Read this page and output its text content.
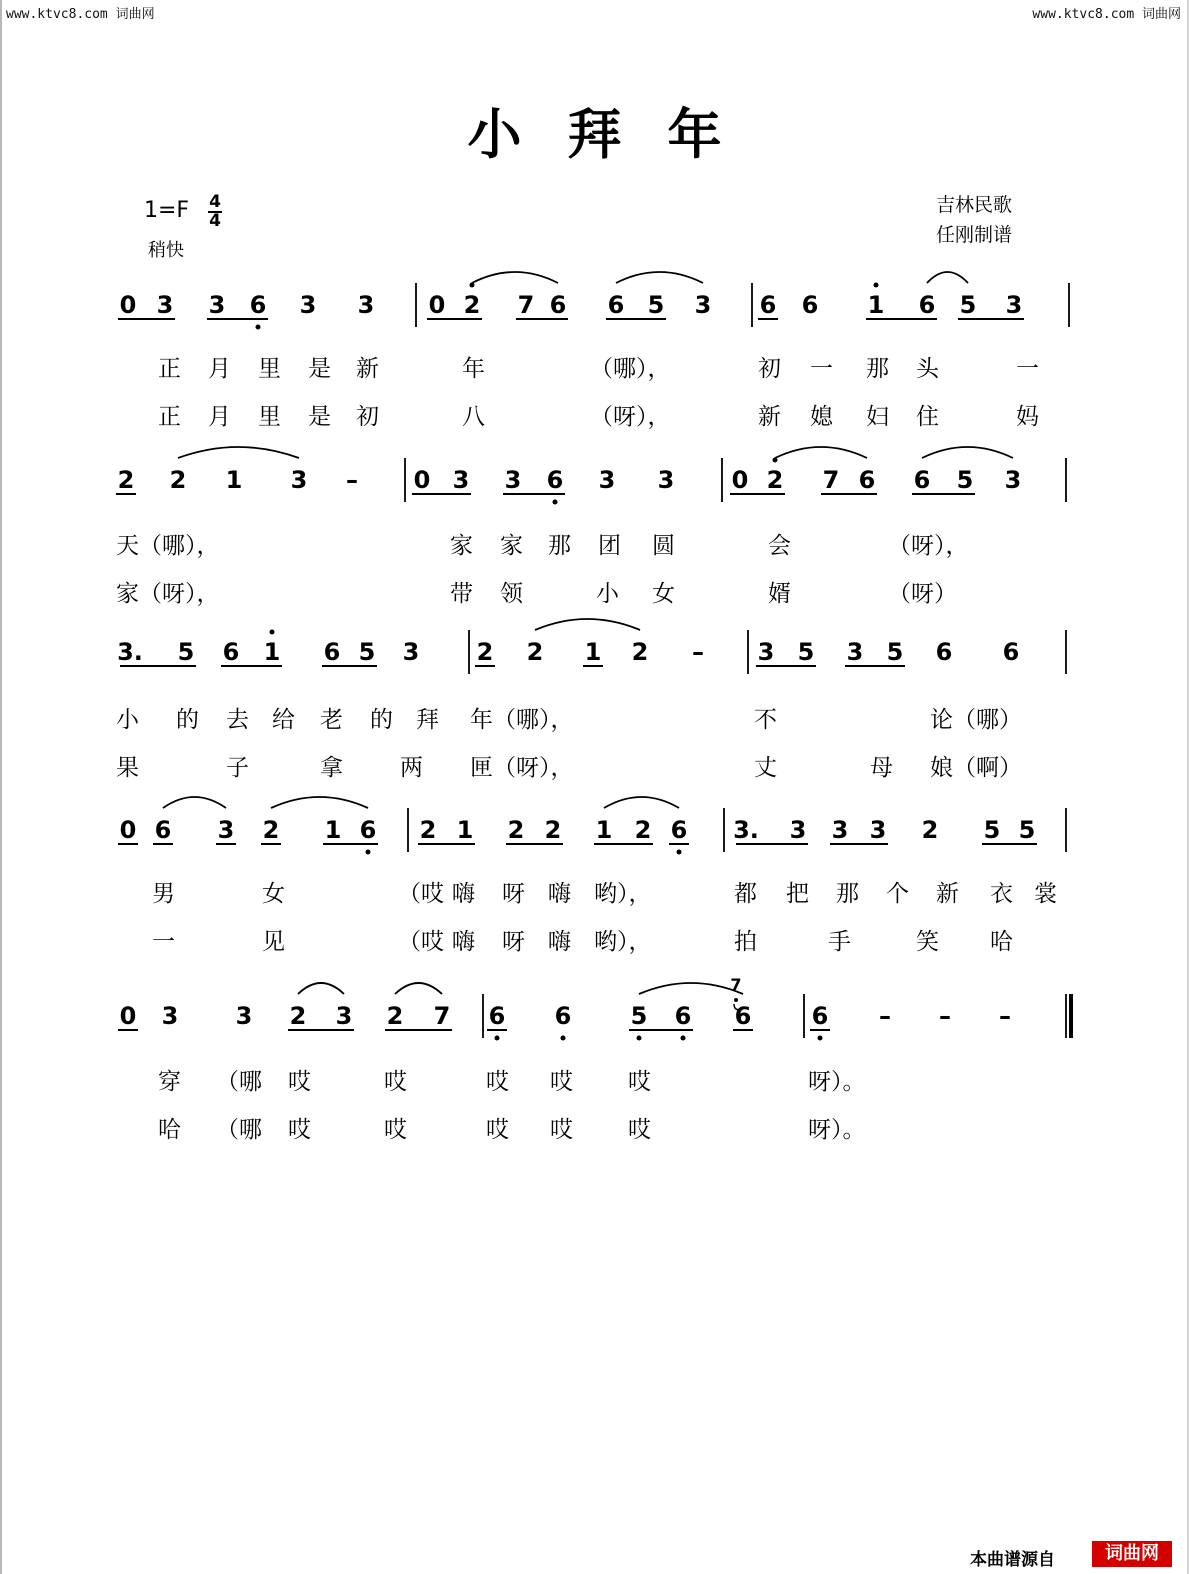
www.ktvc8.com 词曲网	www.ktvc8.com 词曲网
小拜年
1=F 4
4
稍快
吉林民歌
任刚制谱
0 3 3 6 3 3 0 2 7 6 6 5 3 6 6 1 6 5 3
2 2 1 3 – 0 3 3 6 3 3 0 2 7 6 6 5 3
3. 5 6 1 6 5 3 2 2 1 2 – 3 5 3 5 6 6
0 6 3 2 1 6 2 1 2 2 1 2 6 3. 3 3 3 2 5 5
0 3 3 2 3 2 7 6 6 5 6 6
7
6 – – –
正 月 里 是 新	年	（哪），	初 一 那 头	一
正 月 里 是 初	八	（呀），	新 媳 妇 住	妈
天（哪），	家 家 那 团 圆	会	（呀），
家（呀），	带 领	小 女	婿	（呀）
小 的 去 给 老 的 拜 年（哪），	不	论（哪）
果	子	拿 两 匣（呀），	丈	母 娘（啊）
男	女	（哎 嗨 呀 嗨 哟），	都 把 那 个 新 衣 裳
一	见	（哎 嗨 呀 嗨 哟），	拍	手	笑 哈
穿 （哪 哎	哎	哎 哎 哎	呀）。
哈 （哪 哎	哎	哎 哎 哎	呀）。
本曲谱源自	词曲网
